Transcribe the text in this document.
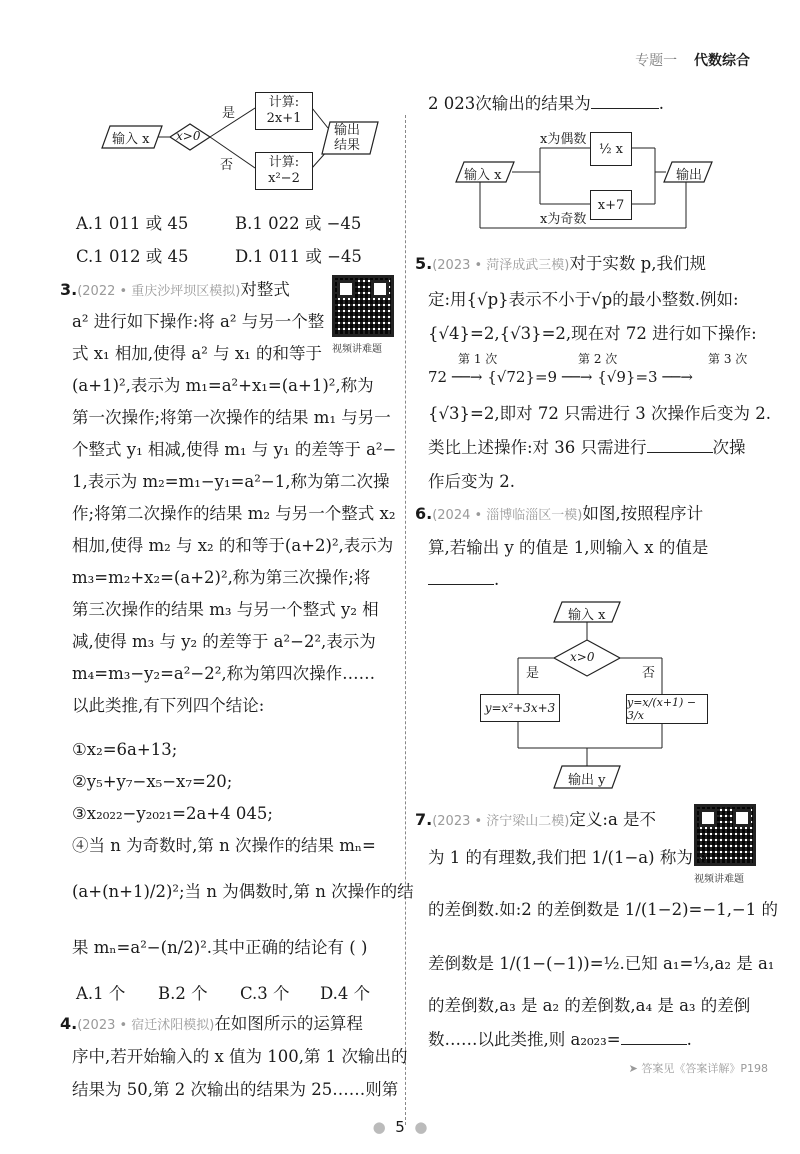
专题一 代数综合
输入 x x>0
是
否
计算:
2x+1
计算:
x²−2
输出
结果
A.1 011 或 45	B.1 022 或 −45
C.1 012 或 45	D.1 011 或 −45
3.(2022 • 重庆沙坪坝区模拟)对整式
视频讲难题
a² 进行如下操作:将 a² 与另一个整
式 x₁ 相加,使得 a² 与 x₁ 的和等于
(a+1)²,表示为 m₁=a²+x₁=(a+1)²,称为
第一次操作;将第一次操作的结果 m₁ 与另一
个整式 y₁ 相减,使得 m₁ 与 y₁ 的差等于 a²−
1,表示为 m₂=m₁−y₁=a²−1,称为第二次操
作;将第二次操作的结果 m₂ 与另一个整式 x₂
相加,使得 m₂ 与 x₂ 的和等于(a+2)²,表示为
m₃=m₂+x₂=(a+2)²,称为第三次操作;将
第三次操作的结果 m₃ 与另一个整式 y₂ 相
减,使得 m₃ 与 y₂ 的差等于 a²−2²,表示为
m₄=m₃−y₂=a²−2²,称为第四次操作……
以此类推,有下列四个结论:
①x₂=6a+13;
②y₅+y₇−x₅−x₇=20;
③x₂₀₂₂−y₂₀₂₁=2a+4 045;
④当 n 为奇数时,第 n 次操作的结果 mₙ=
(a+(n+1)/2)²;当 n 为偶数时,第 n 次操作的结
果 mₙ=a²−(n/2)².其中正确的结论有 ( )
A.1 个 B.2 个 C.3 个 D.4 个
4.(2023 • 宿迁沭阳模拟)在如图所示的运算程
序中,若开始输入的 x 值为 100,第 1 次输出的
结果为 50,第 2 次输出的结果为 25……则第
2 023次输出的结果为	.
输入 x
x为偶数
x为奇数
½ x
x+7
输出
5.(2023 • 菏泽成武三模)对于实数 p,我们规
定:用{√p}表示不小于√p的最小整数.例如:
{√4}=2,{√3}=2,现在对 72 进行如下操作:
72 ──→ {√72}=9 ──→ {√9}=3 ──→
第 1 次	第 2 次	第 3 次
{√3}=2,即对 72 只需进行 3 次操作后变为 2.
类比上述操作:对 36 只需进行	次操
作后变为 2.
6.(2024 • 淄博临淄区一模)如图,按照程序计
算,若输出 y 的值是 1,则输入 x 的值是
.
输入 x
x>0
是	否
y=x²+3x+3	y=x/(x+1) − 3/x
输出 y
7.(2023 • 济宁梁山二模)定义:a 是不
视频讲难题
为 1 的有理数,我们把 1/(1−a) 称为 a
的差倒数.如:2 的差倒数是 1/(1−2)=−1,−1 的
差倒数是 1/(1−(−1))=½.已知 a₁=⅓,a₂ 是 a₁
的差倒数,a₃ 是 a₂ 的差倒数,a₄ 是 a₃ 的差倒
数……以此类推,则 a₂₀₂₃=	.
➤ 答案见《答案详解》P198
● 5 ●
